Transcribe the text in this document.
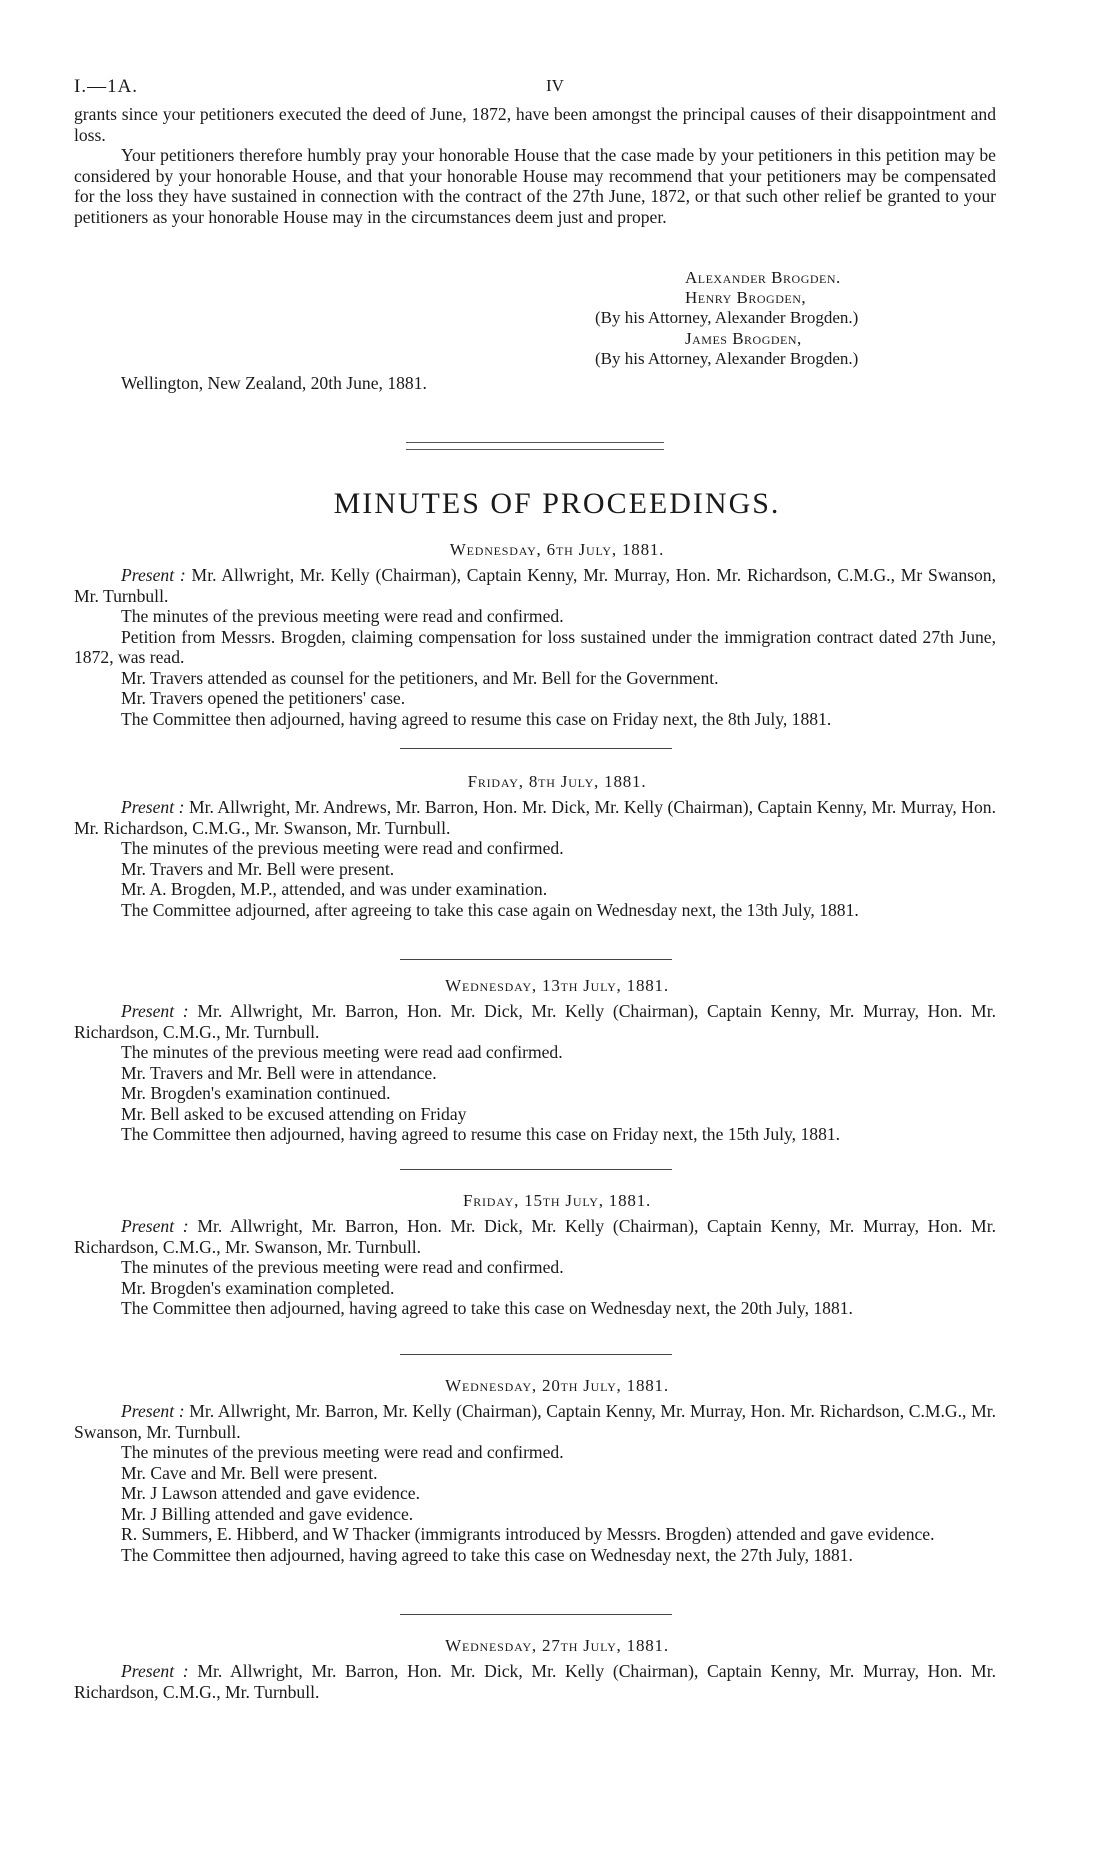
I.—1A.	IV

grants since your petitioners executed the deed of June, 1872, have been amongst the principal causes of their disappointment and loss.

Your petitioners therefore humbly pray your honorable House that the case made by your petitioners in this petition may be considered by your honorable House, and that your honorable House may recommend that your petitioners may be compensated for the loss they have sustained in connection with the contract of the 27th June, 1872, or that such other relief be granted to your petitioners as your honorable House may in the circumstances deem just and proper.

Alexander Brogden.
Henry Brogden,
(By his Attorney, Alexander Brogden.)
James Brogden,
(By his Attorney, Alexander Brogden.)
Wellington, New Zealand, 20th June, 1881.
MINUTES OF PROCEEDINGS.
Wednesday, 6th July, 1881.

Present : Mr. Allwright, Mr. Kelly (Chairman), Captain Kenny, Mr. Murray, Hon. Mr. Richardson, C.M.G., Mr Swanson, Mr. Turnbull.

The minutes of the previous meeting were read and confirmed.

Petition from Messrs. Brogden, claiming compensation for loss sustained under the immigration contract dated 27th June, 1872, was read.

Mr. Travers attended as counsel for the petitioners, and Mr. Bell for the Government.

Mr. Travers opened the petitioners' case.

The Committee then adjourned, having agreed to resume this case on Friday next, the 8th July, 1881.

Friday, 8th July, 1881.

Present : Mr. Allwright, Mr. Andrews, Mr. Barron, Hon. Mr. Dick, Mr. Kelly (Chairman), Captain Kenny, Mr. Murray, Hon. Mr. Richardson, C.M.G., Mr. Swanson, Mr. Turnbull.

The minutes of the previous meeting were read and confirmed.

Mr. Travers and Mr. Bell were present.

Mr. A. Brogden, M.P., attended, and was under examination.

The Committee adjourned, after agreeing to take this case again on Wednesday next, the 13th July, 1881.

Wednesday, 13th July, 1881.

Present : Mr. Allwright, Mr. Barron, Hon. Mr. Dick, Mr. Kelly (Chairman), Captain Kenny, Mr. Murray, Hon. Mr. Richardson, C.M.G., Mr. Turnbull.

The minutes of the previous meeting were read aad confirmed.

Mr. Travers and Mr. Bell were in attendance.

Mr. Brogden's examination continued.

Mr. Bell asked to be excused attending on Friday

The Committee then adjourned, having agreed to resume this case on Friday next, the 15th July, 1881.

Friday, 15th July, 1881.

Present : Mr. Allwright, Mr. Barron, Hon. Mr. Dick, Mr. Kelly (Chairman), Captain Kenny, Mr. Murray, Hon. Mr. Richardson, C.M.G., Mr. Swanson, Mr. Turnbull.

The minutes of the previous meeting were read and confirmed.

Mr. Brogden's examination completed.

The Committee then adjourned, having agreed to take this case on Wednesday next, the 20th July, 1881.

Wednesday, 20th July, 1881.

Present : Mr. Allwright, Mr. Barron, Mr. Kelly (Chairman), Captain Kenny, Mr. Murray, Hon. Mr. Richardson, C.M.G., Mr. Swanson, Mr. Turnbull.

The minutes of the previous meeting were read and confirmed.

Mr. Cave and Mr. Bell were present.

Mr. J Lawson attended and gave evidence.

Mr. J Billing attended and gave evidence.

R. Summers, E. Hibberd, and W Thacker (immigrants introduced by Messrs. Brogden) attended and gave evidence.

The Committee then adjourned, having agreed to take this case on Wednesday next, the 27th July, 1881.

Wednesday, 27th July, 1881.

Present : Mr. Allwright, Mr. Barron, Hon. Mr. Dick, Mr. Kelly (Chairman), Captain Kenny, Mr. Murray, Hon. Mr. Richardson, C.M.G., Mr. Turnbull.
